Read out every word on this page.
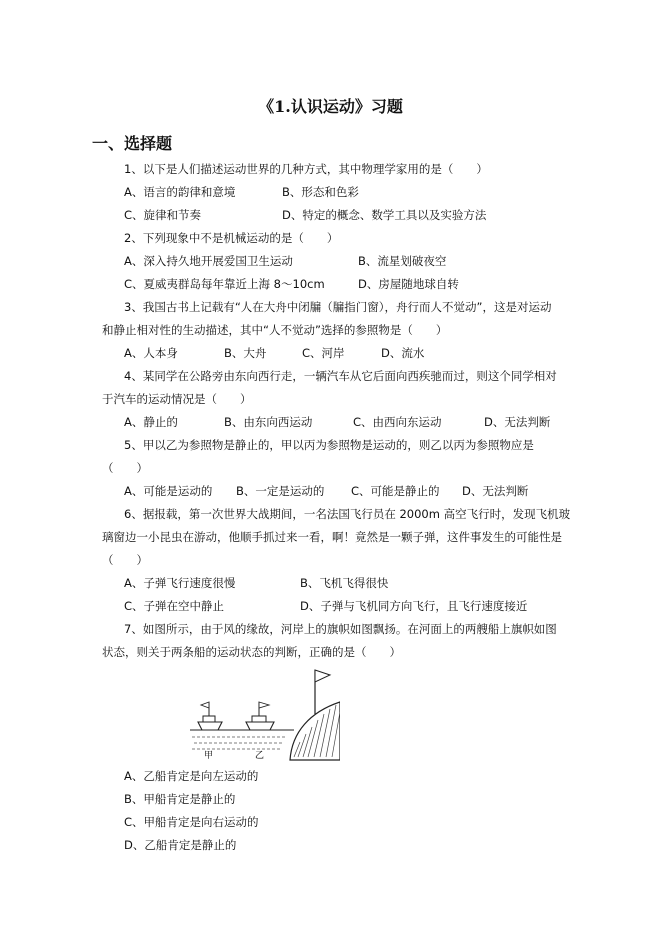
《1.认识运动》习题
一、选择题
1、以下是人们描述运动世界的几种方式，其中物理学家用的是（　　）
A、语言的韵律和意境	B、形态和色彩
C、旋律和节奏	D、特定的概念、数学工具以及实验方法
2、下列现象中不是机械运动的是（　　）
A、深入持久地开展爱国卫生运动	B、流星划破夜空
C、夏威夷群岛每年靠近上海 8～10cm	D、房屋随地球自转
3、我国古书上记载有“人在大舟中闭牖（牖指门窗），舟行而人不觉动”，这是对运动
和静止相对性的生动描述，其中“人不觉动”选择的参照物是（　　）
A、人本身	B、大舟	C、河岸	D、流水
4、某同学在公路旁由东向西行走，一辆汽车从它后面向西疾驰而过，则这个同学相对
于汽车的运动情况是（　　）
A、静止的	B、由东向西运动	C、由西向东运动	D、无法判断
5、甲以乙为参照物是静止的，甲以丙为参照物是运动的，则乙以丙为参照物应是
（　　）
A、可能是运动的 B、一定是运动的 C、可能是静止的 D、无法判断
6、据报载，第一次世界大战期间，一名法国飞行员在 2000m 高空飞行时，发现飞机玻
璃窗边一小昆虫在游动，他顺手抓过来一看，啊！竟然是一颗子弹，这件事发生的可能性是
（　　）
A、子弹飞行速度很慢	B、飞机飞得很快
C、子弹在空中静止	D、子弹与飞机同方向飞行，且飞行速度接近
7、如图所示，由于风的缘故，河岸上的旗帜如图飘扬。在河面上的两艘船上旗帜如图
状态，则关于两条船的运动状态的判断，正确的是（　　）
甲	乙
A、乙船肯定是向左运动的
B、甲船肯定是静止的
C、甲船肯定是向右运动的
D、乙船肯定是静止的
